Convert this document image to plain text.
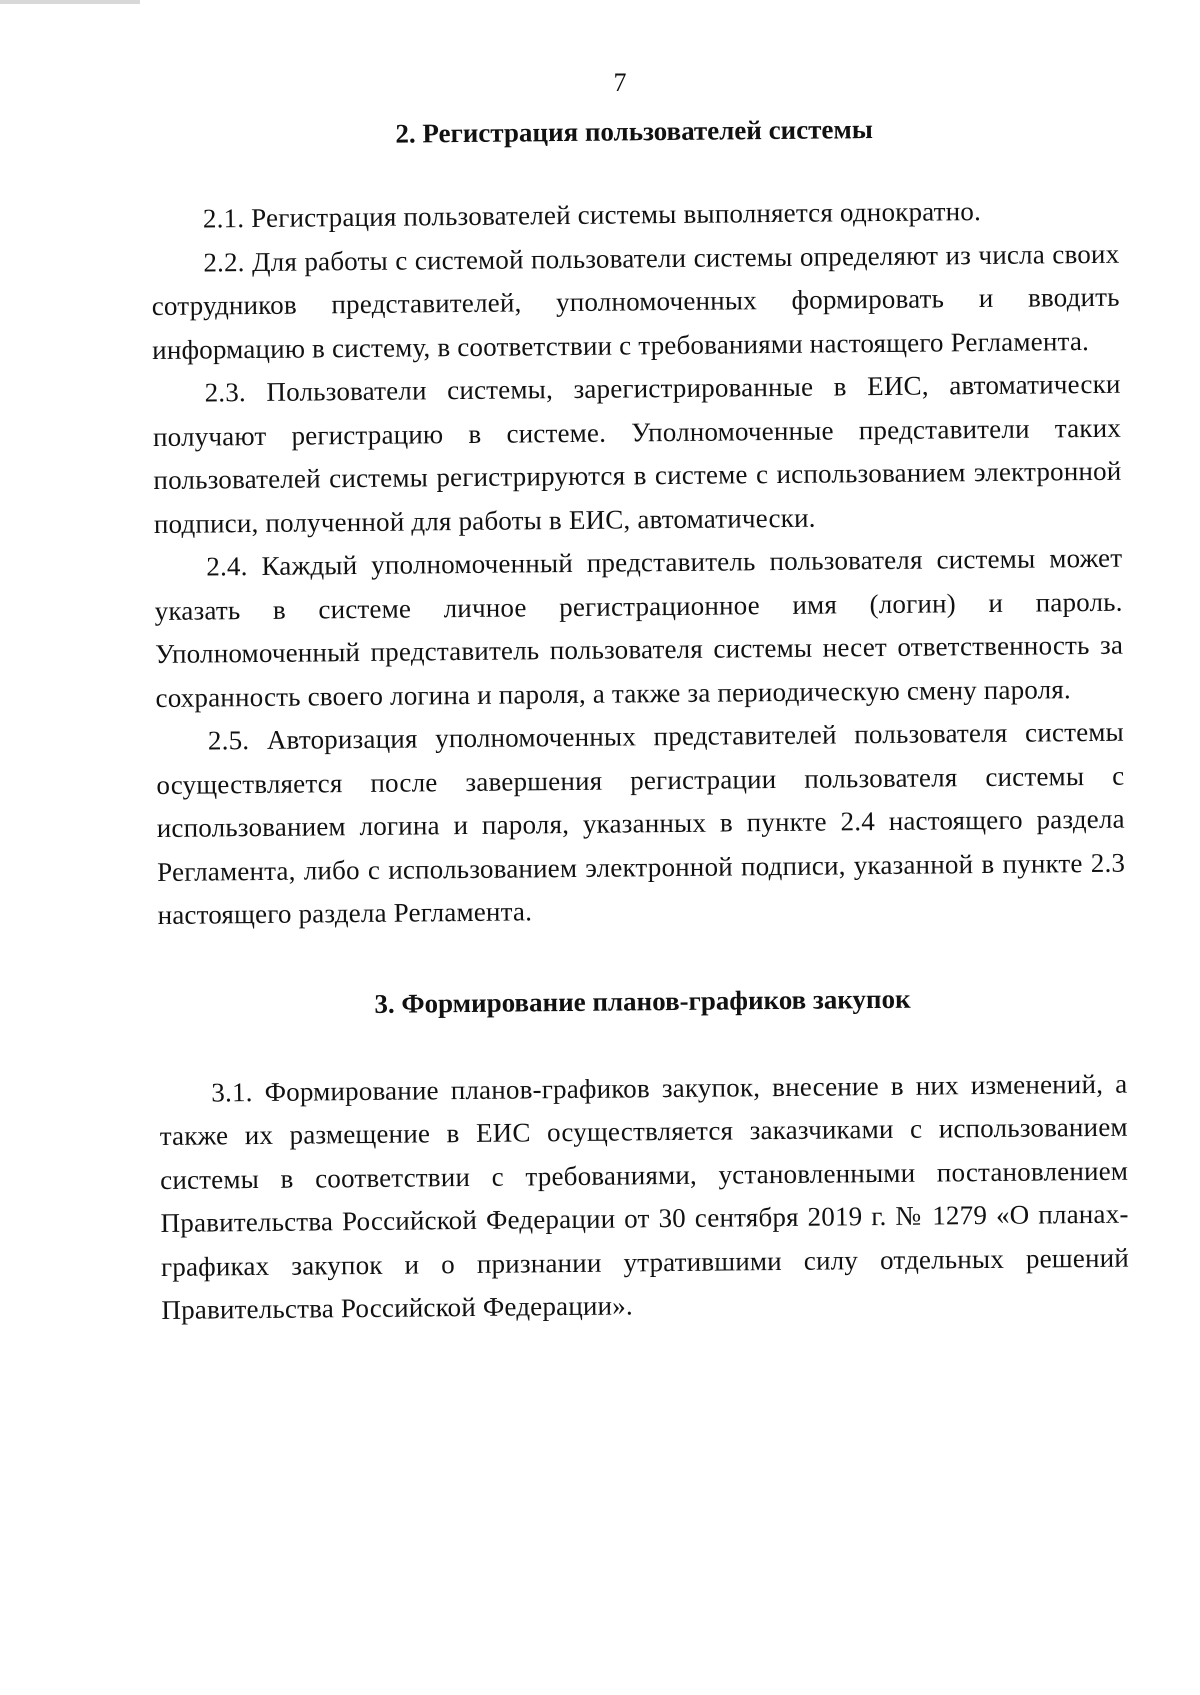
7
2. Регистрация пользователей системы

2.1. Регистрация пользователей системы выполняется однократно.

2.2. Для работы с системой пользователи системы определяют из числа своих сотрудников представителей, уполномоченных формировать и вводить информацию в систему, в соответствии с требованиями настоящего Регламента.

2.3. Пользователи системы, зарегистрированные в ЕИС, автоматически получают регистрацию в системе. Уполномоченные представители таких пользователей системы регистрируются в системе с использованием электронной подписи, полученной для работы в ЕИС, автоматически.

2.4. Каждый уполномоченный представитель пользователя системы может указать в системе личное регистрационное имя (логин) и пароль. Уполномоченный представитель пользователя системы несет ответственность за сохранность своего логина и пароля, а также за периодическую смену пароля.

2.5. Авторизация уполномоченных представителей пользователя системы осуществляется после завершения регистрации пользователя системы с использованием логина и пароля, указанных в пункте 2.4 настоящего раздела Регламента, либо с использованием электронной подписи, указанной в пункте 2.3 настоящего раздела Регламента.

3. Формирование планов-графиков закупок

3.1. Формирование планов-графиков закупок, внесение в них изменений, а также их размещение в ЕИС осуществляется заказчиками с использованием системы в соответствии с требованиями, установленными постановлением Правительства Российской Федерации от 30 сентября 2019 г. № 1279 «О планах-графиках закупок и о признании утратившими силу отдельных решений Правительства Российской Федерации».
